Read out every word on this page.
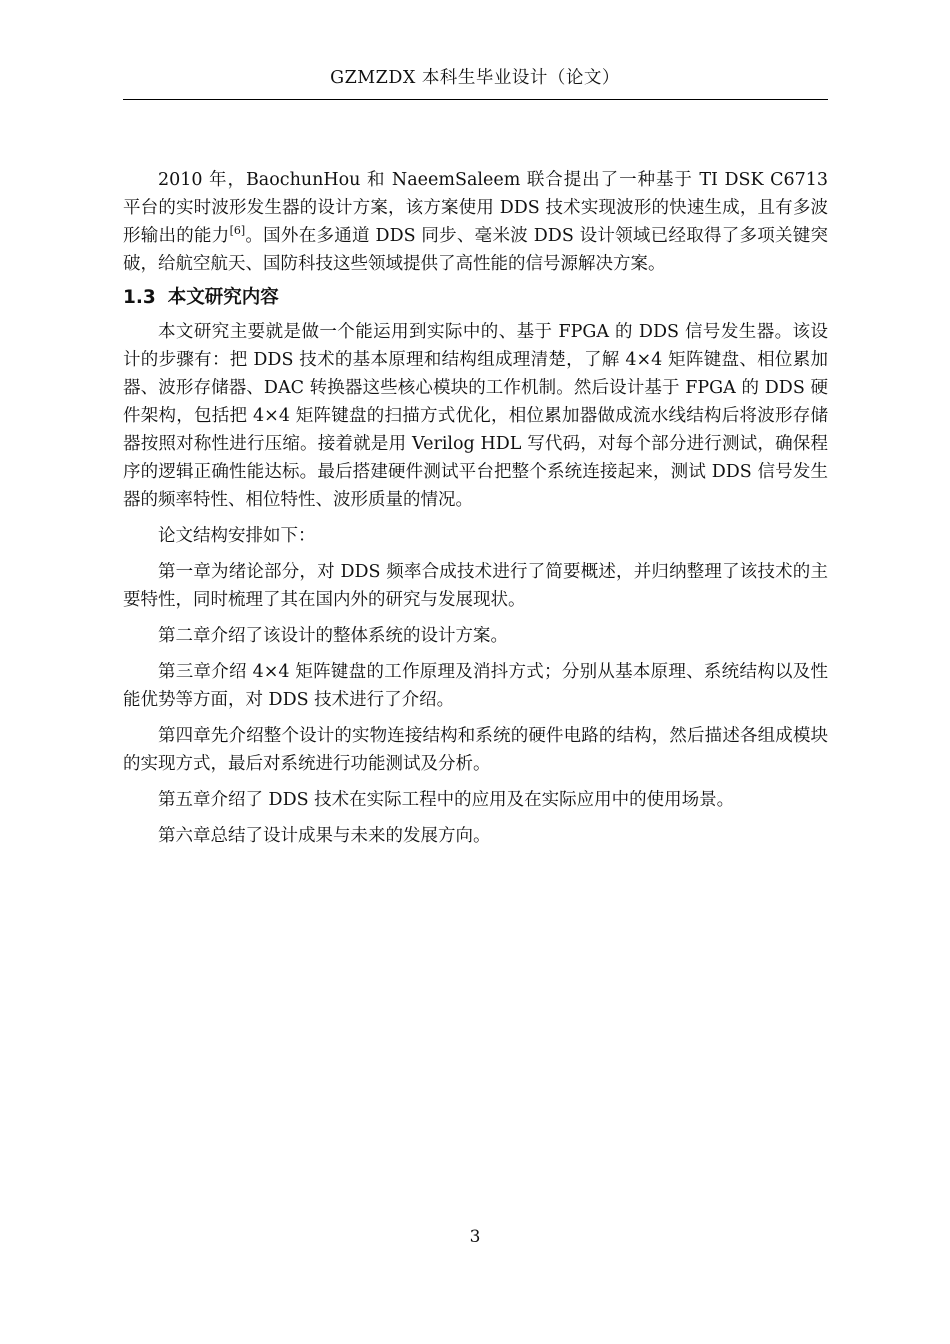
GZMZDX 本科生毕业设计（论文）

2010 年，BaochunHou 和 NaeemSaleem 联合提出了一种基于 TI DSK C6713 平台的实时波形发生器的设计方案，该方案使用 DDS 技术实现波形的快速生成，且有多波形输出的能力[6]。国外在多通道 DDS 同步、毫米波 DDS 设计领域已经取得了多项关键突破，给航空航天、国防科技这些领域提供了高性能的信号源解决方案。

1.3 本文研究内容

本文研究主要就是做一个能运用到实际中的、基于 FPGA 的 DDS 信号发生器。该设计的步骤有：把 DDS 技术的基本原理和结构组成理清楚，了解 4×4 矩阵键盘、相位累加器、波形存储器、DAC 转换器这些核心模块的工作机制。然后设计基于 FPGA 的 DDS 硬件架构，包括把 4×4 矩阵键盘的扫描方式优化，相位累加器做成流水线结构后将波形存储器按照对称性进行压缩。接着就是用 Verilog HDL 写代码，对每个部分进行测试，确保程序的逻辑正确性能达标。最后搭建硬件测试平台把整个系统连接起来，测试 DDS 信号发生器的频率特性、相位特性、波形质量的情况。

论文结构安排如下：

第一章为绪论部分，对 DDS 频率合成技术进行了简要概述，并归纳整理了该技术的主要特性，同时梳理了其在国内外的研究与发展现状。

第二章介绍了该设计的整体系统的设计方案。

第三章介绍 4×4 矩阵键盘的工作原理及消抖方式；分别从基本原理、系统结构以及性能优势等方面，对 DDS 技术进行了介绍。

第四章先介绍整个设计的实物连接结构和系统的硬件电路的结构，然后描述各组成模块的实现方式，最后对系统进行功能测试及分析。

第五章介绍了 DDS 技术在实际工程中的应用及在实际应用中的使用场景。

第六章总结了设计成果与未来的发展方向。

3
